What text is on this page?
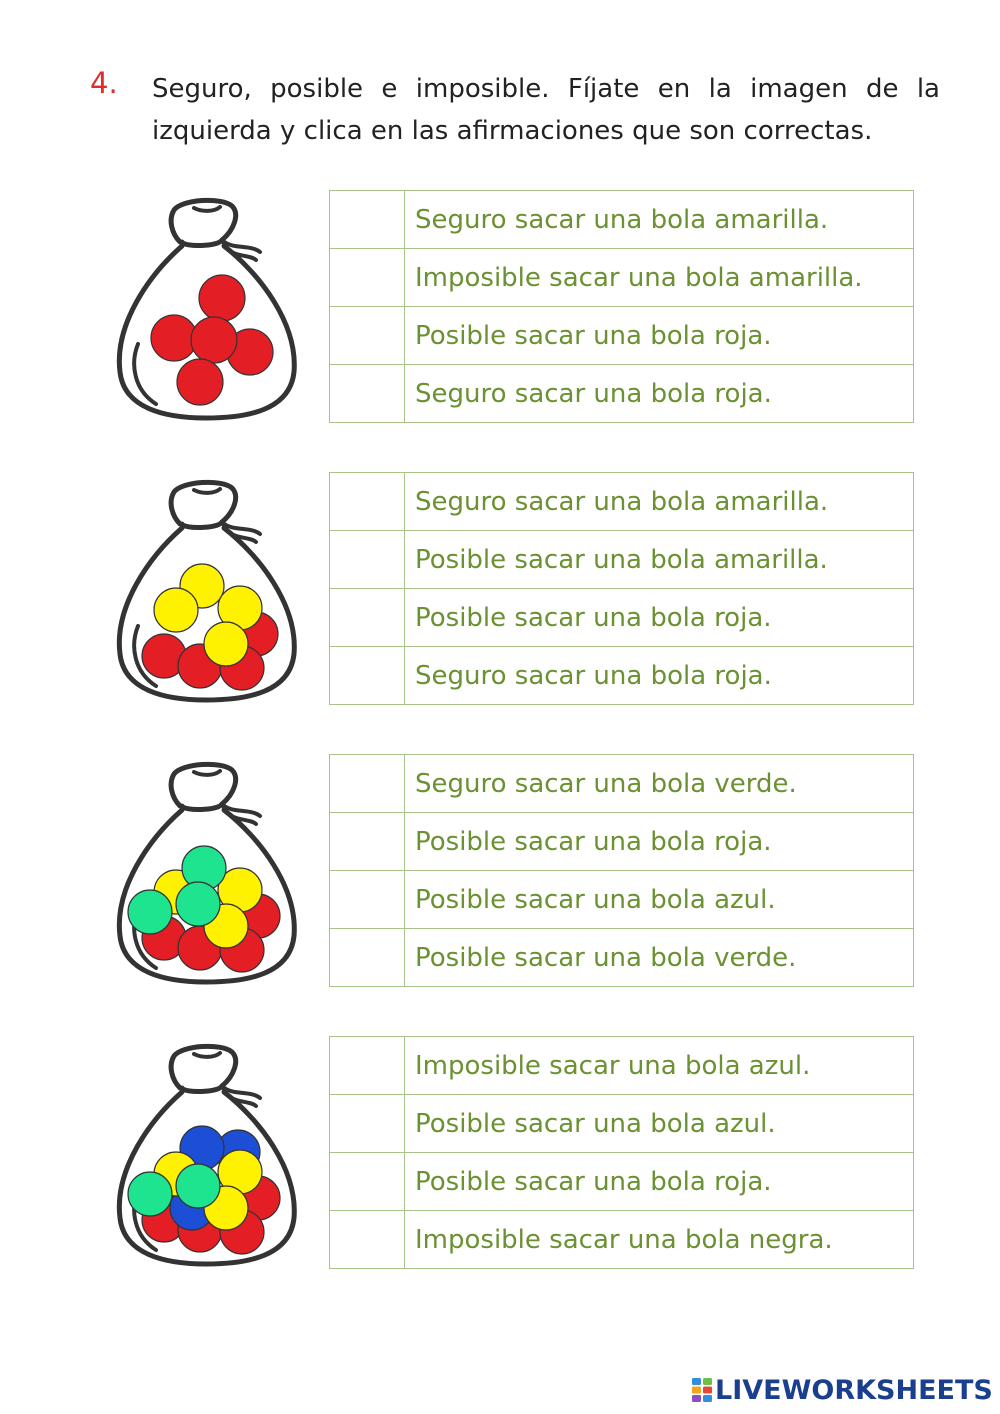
4. Seguro, posible e imposible. Fíjate en la imagen de la izquierda y clica en las afirmaciones que son correctas.
	Seguro sacar una bola amarilla.
	Imposible sacar una bola amarilla.
	Posible sacar una bola roja.
	Seguro sacar una bola roja.
	Seguro sacar una bola amarilla.
	Posible sacar una bola amarilla.
	Posible sacar una bola roja.
	Seguro sacar una bola roja.
	Seguro sacar una bola verde.
	Posible sacar una bola roja.
	Posible sacar una bola azul.
	Posible sacar una bola verde.
	Imposible sacar una bola azul.
	Posible sacar una bola azul.
	Posible sacar una bola roja.
	Imposible sacar una bola negra.
LIVEWORKSHEETS
